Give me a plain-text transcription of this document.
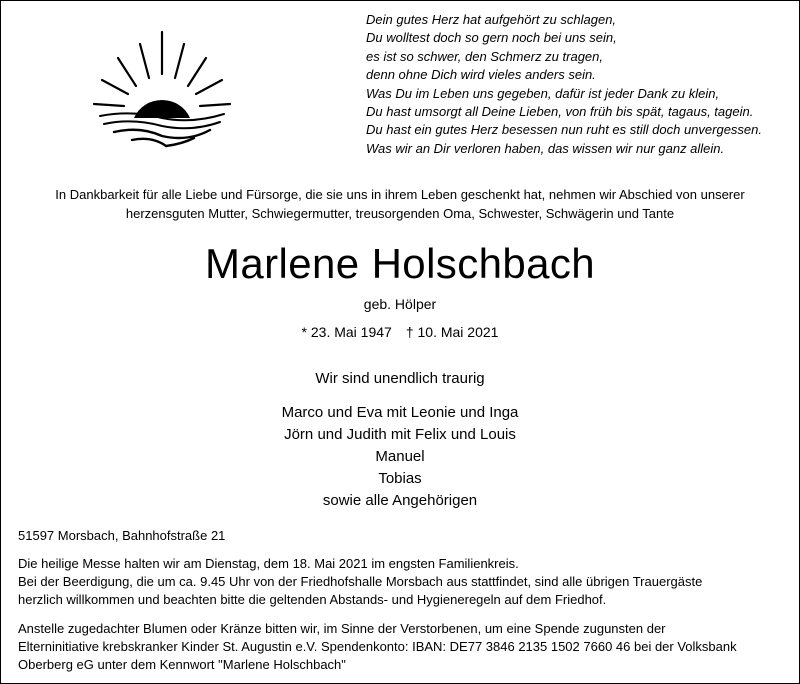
Dein gutes Herz hat aufgehört zu schlagen,
Du wolltest doch so gern noch bei uns sein,
es ist so schwer, den Schmerz zu tragen,
denn ohne Dich wird vieles anders sein.
Was Du im Leben uns gegeben, dafür ist jeder Dank zu klein,
Du hast umsorgt all Deine Lieben, von früh bis spät, tagaus, tagein.
Du hast ein gutes Herz besessen nun ruht es still doch unvergessen.
Was wir an Dir verloren haben, das wissen wir nur ganz allein.
In Dankbarkeit für alle Liebe und Fürsorge, die sie uns in ihrem Leben geschenkt hat, nehmen wir Abschied von unserer
herzensguten Mutter, Schwiegermutter, treusorgenden Oma, Schwester, Schwägerin und Tante
Marlene Holschbach
geb. Hölper
* 23. Mai 1947 † 10. Mai 2021
Wir sind unendlich traurig
Marco und Eva mit Leonie und Inga
Jörn und Judith mit Felix und Louis
Manuel
Tobias
sowie alle Angehörigen
51597 Morsbach, Bahnhofstraße 21
Die heilige Messe halten wir am Dienstag, dem 18. Mai 2021 im engsten Familienkreis.
Bei der Beerdigung, die um ca. 9.45 Uhr von der Friedhofshalle Morsbach aus stattfindet, sind alle übrigen Trauergäste
herzlich willkommen und beachten bitte die geltenden Abstands- und Hygieneregeln auf dem Friedhof.
Anstelle zugedachter Blumen oder Kränze bitten wir, im Sinne der Verstorbenen, um eine Spende zugunsten der
Elterninitiative krebskranker Kinder St. Augustin e.V. Spendenkonto: IBAN: DE77 3846 2135 1502 7660 46 bei der Volksbank
Oberberg eG unter dem Kennwort "Marlene Holschbach"
